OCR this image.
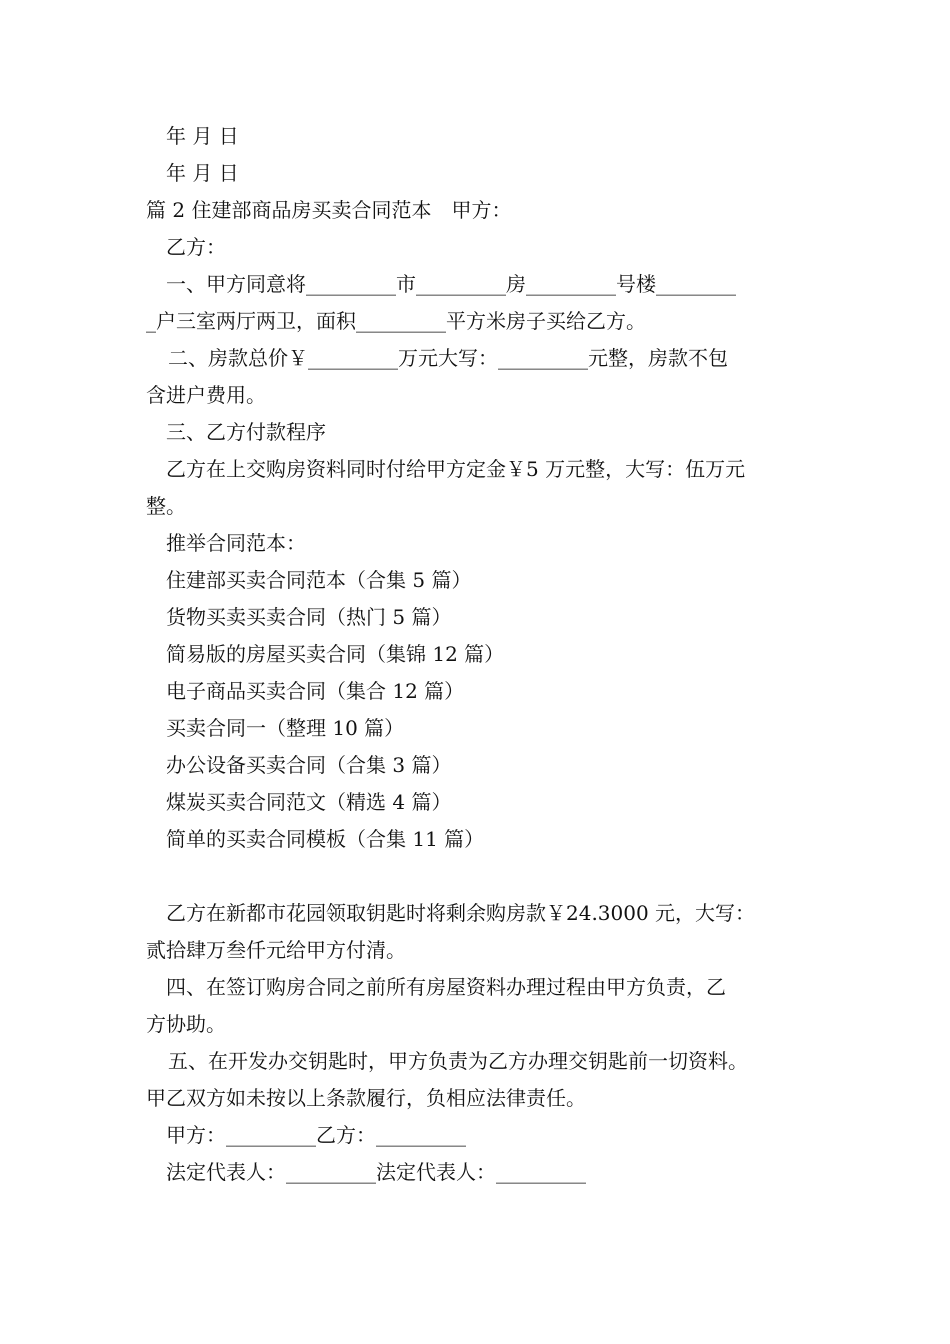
年 月 日
年 月 日
篇 2 住建部商品房买卖合同范本　甲方：
乙方：
一、甲方同意将_________市_________房_________号楼________
_户三室两厅两卫，面积_________平方米房子买给乙方。
二、房款总价￥_________万元大写：_________元整，房款不包
含进户费用。
三、乙方付款程序
乙方在上交购房资料同时付给甲方定金￥5 万元整，大写：伍万元
整。
推举合同范本：
住建部买卖合同范本（合集 5 篇）
货物买卖买卖合同（热门 5 篇）
简易版的房屋买卖合同（集锦 12 篇）
电子商品买卖合同（集合 12 篇）
买卖合同一（整理 10 篇）
办公设备买卖合同（合集 3 篇）
煤炭买卖合同范文（精选 4 篇）
简单的买卖合同模板（合集 11 篇）
乙方在新都市花园领取钥匙时将剩余购房款￥24.3000 元，大写：
贰拾肆万叁仟元给甲方付清。
四、在签订购房合同之前所有房屋资料办理过程由甲方负责，乙
方协助。
五、在开发办交钥匙时，甲方负责为乙方办理交钥匙前一切资料。
甲乙双方如未按以上条款履行，负相应法律责任。
甲方：_________乙方：_________
法定代表人：_________法定代表人：_________
